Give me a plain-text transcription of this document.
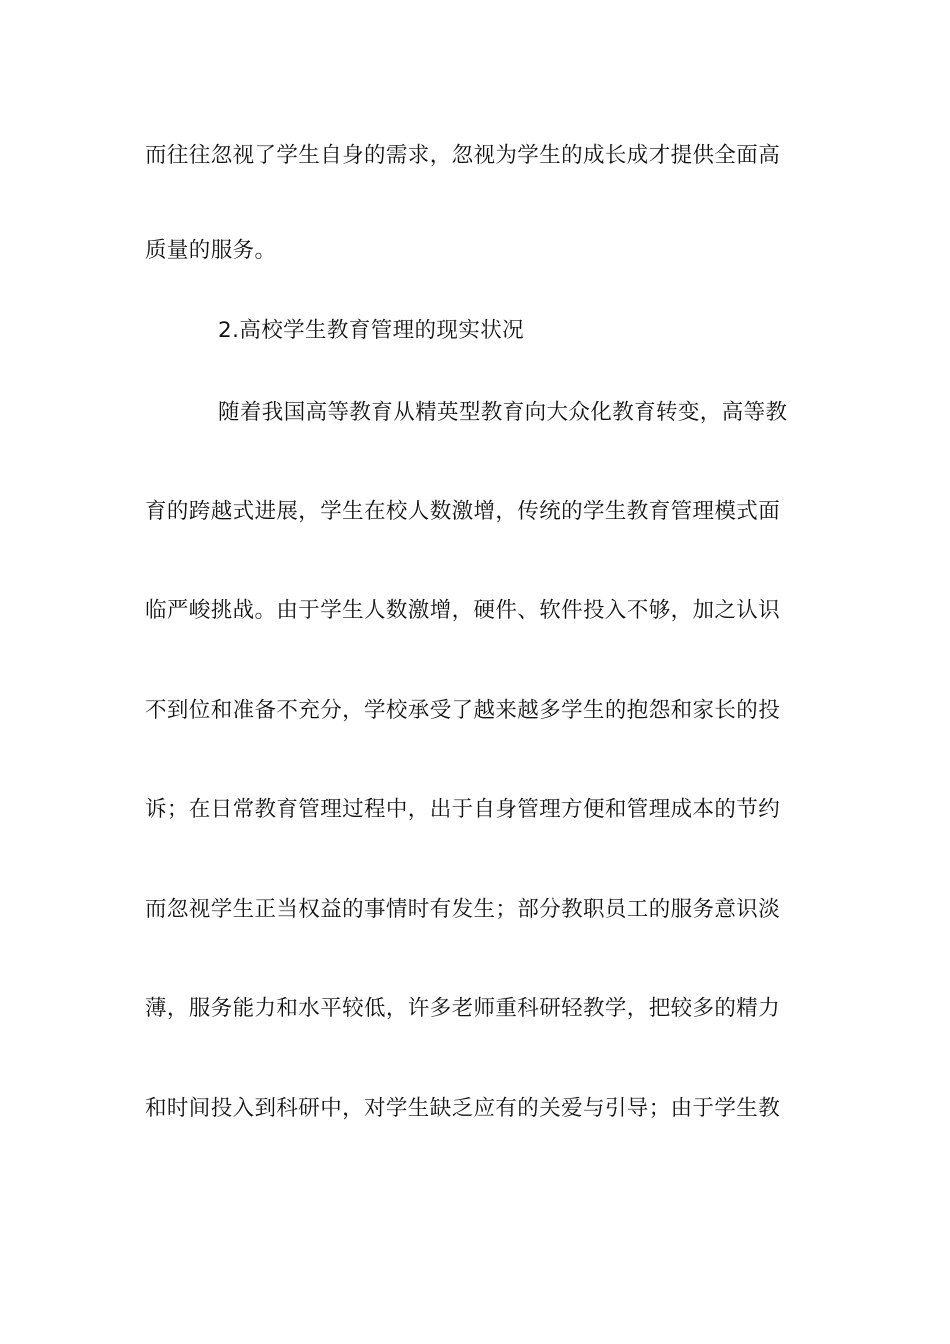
而往往忽视了学生自身的需求，忽视为学生的成长成才提供全面高
质量的服务。
2.高校学生教育管理的现实状况
随着我国高等教育从精英型教育向大众化教育转变，高等教
育的跨越式进展，学生在校人数激增，传统的学生教育管理模式面
临严峻挑战。由于学生人数激增，硬件、软件投入不够，加之认识
不到位和准备不充分，学校承受了越来越多学生的抱怨和家长的投
诉；在日常教育管理过程中，出于自身管理方便和管理成本的节约
而忽视学生正当权益的事情时有发生；部分教职员工的服务意识淡
薄，服务能力和水平较低，许多老师重科研轻教学，把较多的精力
和时间投入到科研中，对学生缺乏应有的关爱与引导；由于学生教
